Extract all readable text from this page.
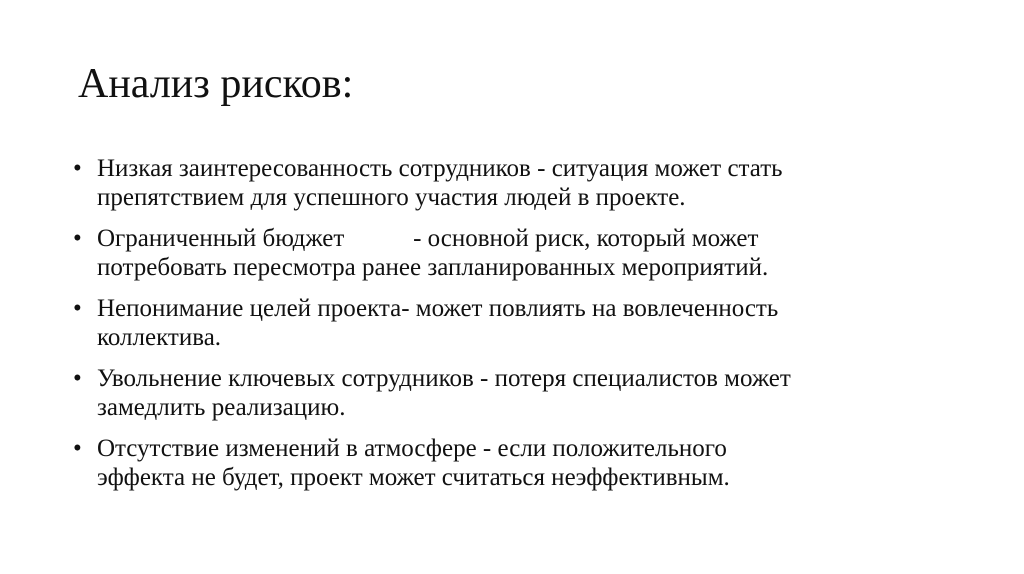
Анализ рисков:
• Низкая заинтересованность сотрудников - ситуация может стать
препятствием для успешного участия людей в проекте.
• Ограниченный бюджет           - основной риск, который может
потребовать пересмотра ранее запланированных мероприятий.
• Непонимание целей проекта- может повлиять на вовлеченность
коллектива.
• Увольнение ключевых сотрудников - потеря специалистов может
замедлить реализацию.
• Отсутствие изменений в атмосфере - если положительного
эффекта не будет, проект может считаться неэффективным.
